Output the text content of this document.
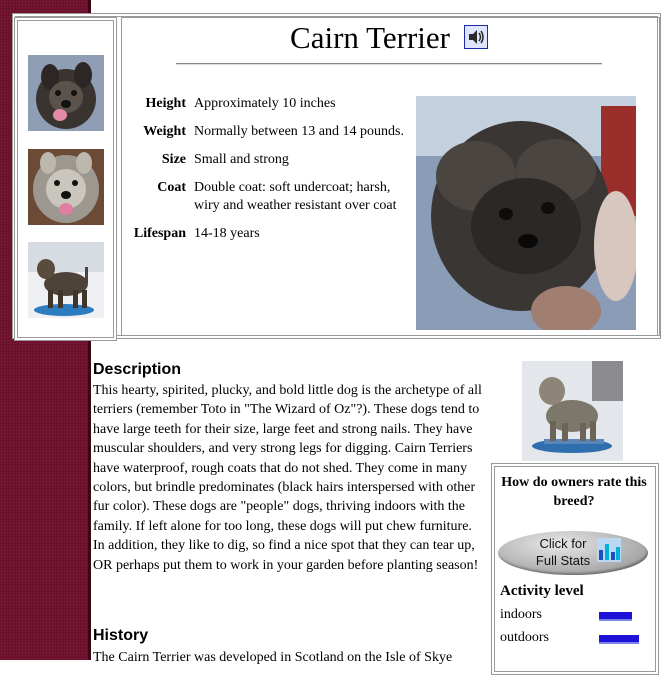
Cairn Terrier
Height Approximately 10 inches
Weight Normally between 13 and 14 pounds.
Size Small and strong
Coat Double coat: soft undercoat; harsh, wiry and weather resistant over coat
Lifespan 14-18 years
Description
This hearty, spirited, plucky, and bold little dog is the archetype of all terriers (remember Toto in "The Wizard of Oz"?). These dogs tend to have large teeth for their size, large feet and strong nails. They have muscular shoulders, and very strong legs for digging. Cairn Terriers have waterproof, rough coats that do not shed. They come in many colors, but brindle predominates (black hairs interspersed with other fur color). These dogs are "people" dogs, thriving indoors with the family. If left alone for too long, these dogs will put chew furniture. In addition, they like to dig, so find a nice spot that they can tear up, OR perhaps put them to work in your garden before planting season!
How do owners rate this breed?
Click for Full Stats
Activity level
indoors
outdoors
History
The Cairn Terrier was developed in Scotland on the Isle of Skye
